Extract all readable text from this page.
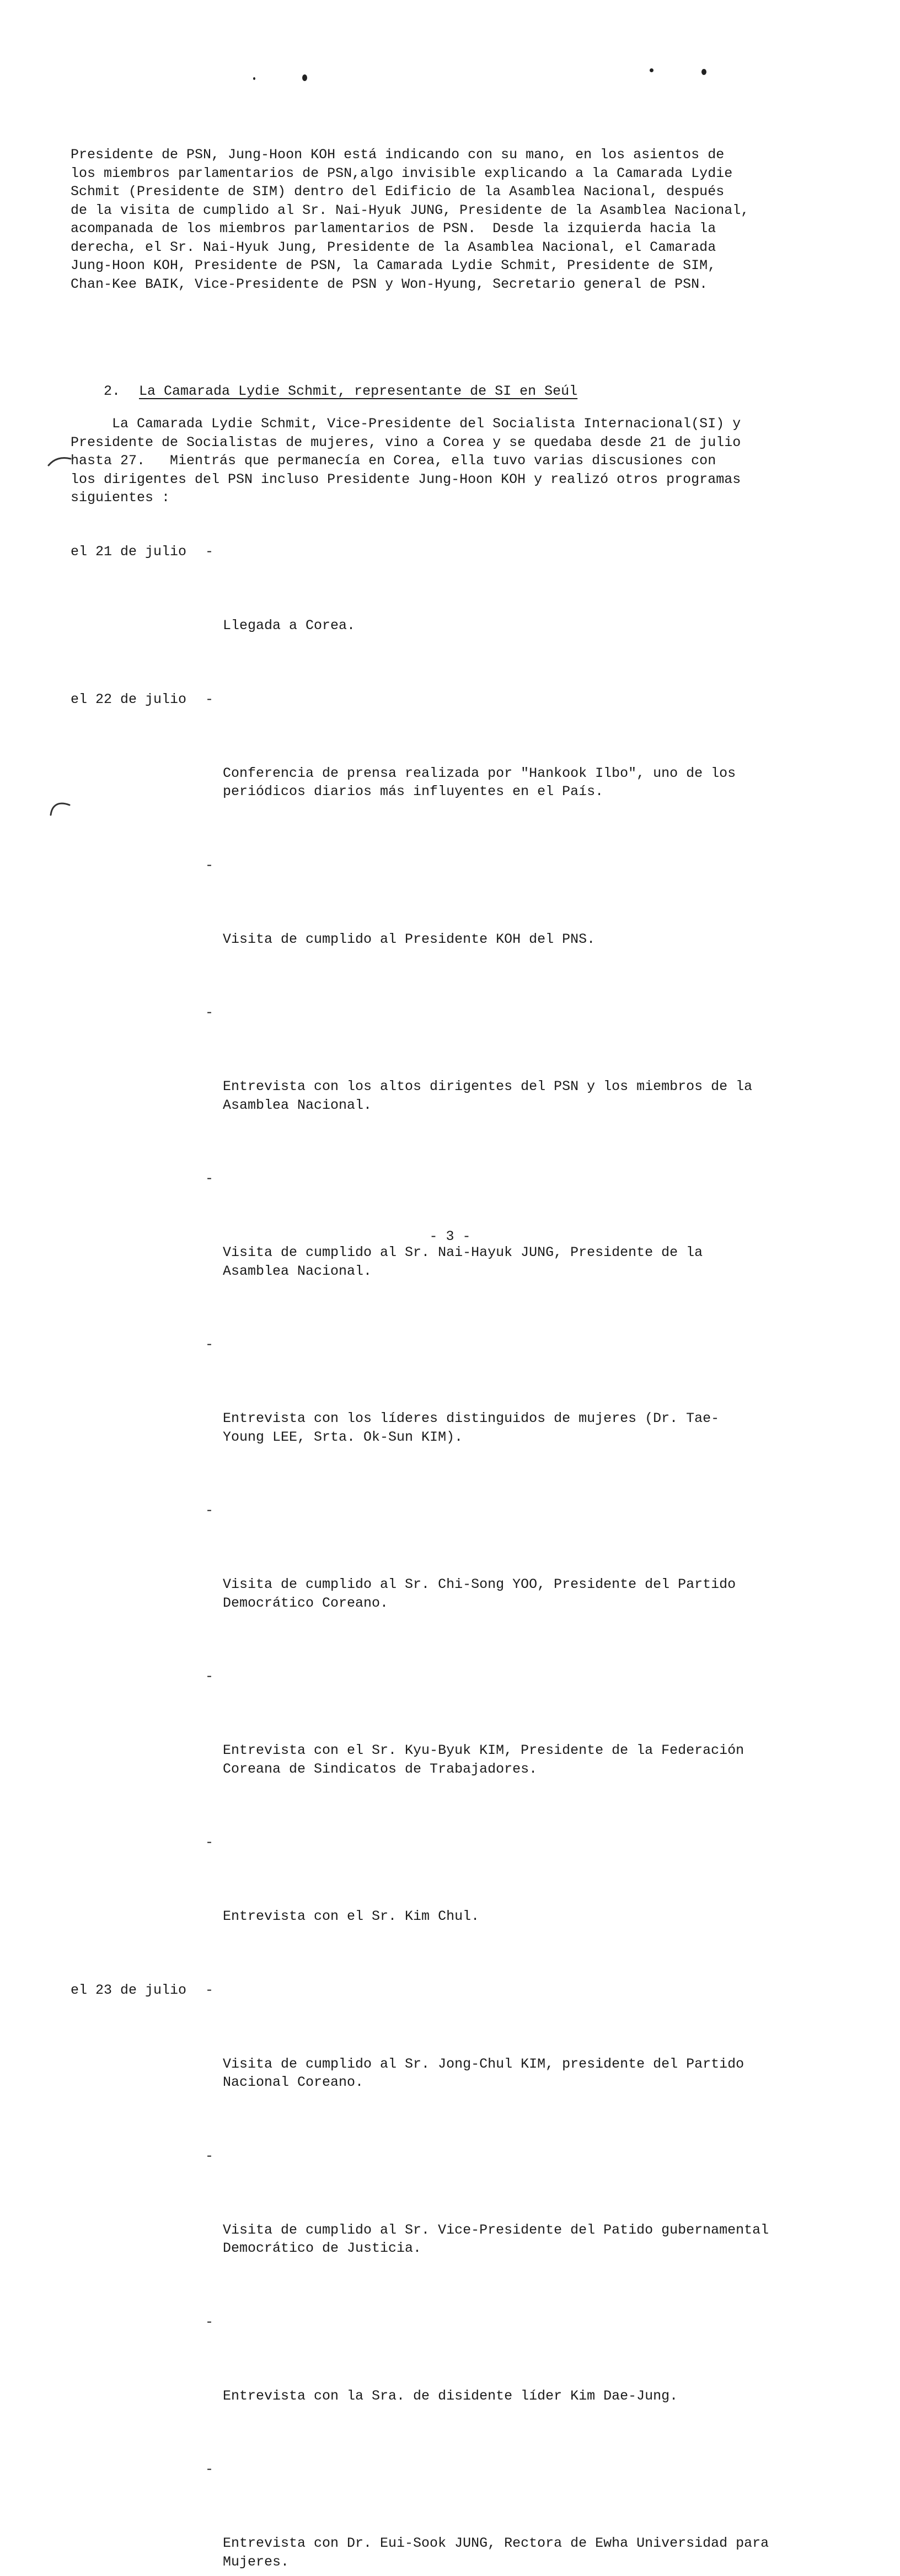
Presidente de PSN, Jung-Hoon KOH está indicando con su mano, en los asientos de
los miembros parlamentarios de PSN,algo invisible explicando a la Camarada Lydie
Schmit (Presidente de SIM) dentro del Edificio de la Asamblea Nacional, después
de la visita de cumplido al Sr. Nai-Hyuk JUNG, Presidente de la Asamblea Nacional,
acompanada de los miembros parlamentarios de PSN.  Desde la izquierda hacia la
derecha, el Sr. Nai-Hyuk Jung, Presidente de la Asamblea Nacional, el Camarada
Jung-Hoon KOH, Presidente de PSN, la Camarada Lydie Schmit, Presidente de SIM,
Chan-Kee BAIK, Vice-Presidente de PSN y Won-Hyung, Secretario general de PSN.

2. La Camarada Lydie Schmit, representante de SI en Seúl

La Camarada Lydie Schmit, Vice-Presidente del Socialista Internacional(SI) y
Presidente de Socialistas de mujeres, vino a Corea y se quedaba desde 21 de julio
hasta 27.   Mientrás que permanecía en Corea, ella tuvo varias discusiones con
los dirigentes del PSN incluso Presidente Jung-Hoon KOH y realizó otros programas
siguientes :

el 21 de julio

-

Llegada a Corea.

el 22 de julio

-

Conferencia de prensa realizada por "Hankook Ilbo", uno de los
periódicos diarios más influyentes en el País.

-

Visita de cumplido al Presidente KOH del PNS.

-

Entrevista con los altos dirigentes del PSN y los miembros de la
Asamblea Nacional.

-

Visita de cumplido al Sr. Nai-Hayuk JUNG, Presidente de la
Asamblea Nacional.

-

Entrevista con los líderes distinguidos de mujeres (Dr. Tae-
Young LEE, Srta. Ok-Sun KIM).

-

Visita de cumplido al Sr. Chi-Song YOO, Presidente del Partido
Democrático Coreano.

-

Entrevista con el Sr. Kyu-Byuk KIM, Presidente de la Federación
Coreana de Sindicatos de Trabajadores.

-

Entrevista con el Sr. Kim Chul.

el 23 de julio

-

Visita de cumplido al Sr. Jong-Chul KIM, presidente del Partido
Nacional Coreano.

-

Visita de cumplido al Sr. Vice-Presidente del Patido gubernamental
Democrático de Justicia.

-

Entrevista con la Sra. de disidente líder Kim Dae-Jung.

-

Entrevista con Dr. Eui-Sook JUNG, Rectora de Ewha Universidad para
Mujeres.

- 3 -
